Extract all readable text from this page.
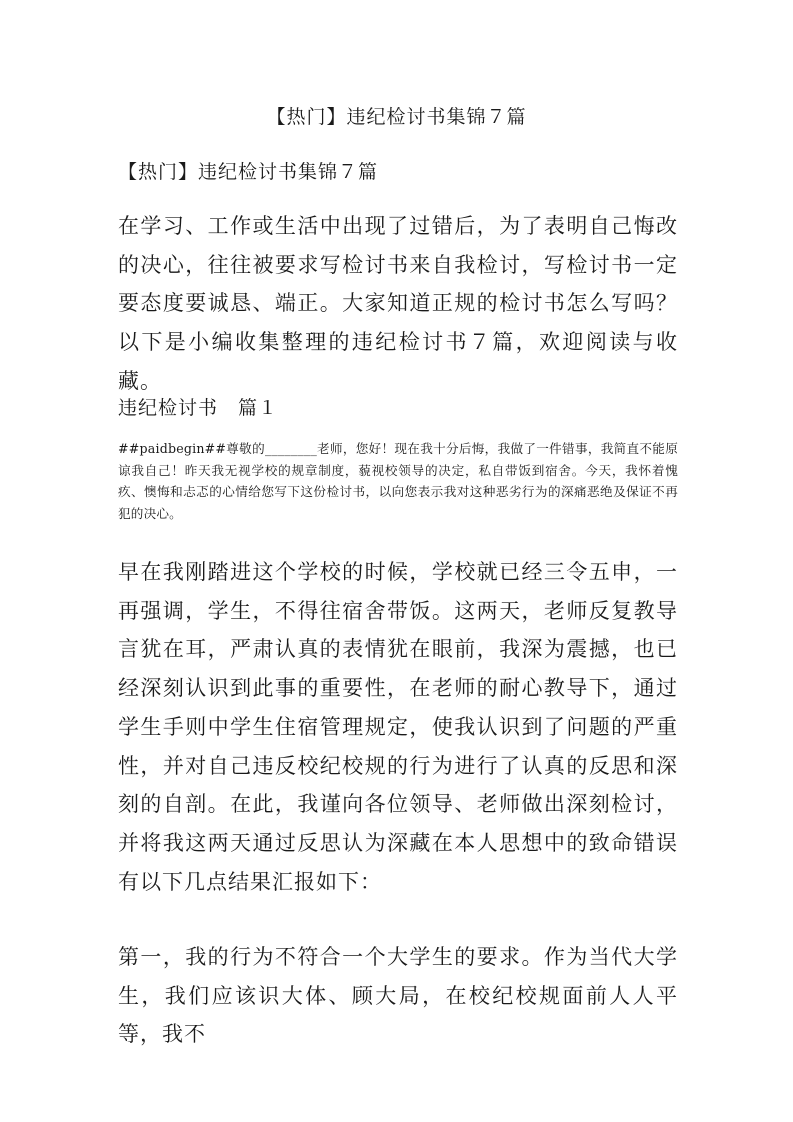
【热门】违纪检讨书集锦７篇
【热门】违纪检讨书集锦７篇
在学习、工作或生活中出现了过错后，为了表明自己悔改的决心，往往被要求写检讨书来自我检讨，写检讨书一定要态度要诚恳、端正。大家知道正规的检讨书怎么写吗？以下是小编收集整理的违纪检讨书７篇，欢迎阅读与收藏。
违纪检讨书　篇１
##paidbegin##尊敬的________老师，您好！现在我十分后悔，我做了一件错事，我简直不能原谅我自己！昨天我无视学校的规章制度，藐视校领导的决定，私自带饭到宿舍。今天，我怀着愧疚、懊悔和忐忑的心情给您写下这份检讨书，以向您表示我对这种恶劣行为的深痛恶绝及保证不再犯的决心。
早在我刚踏进这个学校的时候，学校就已经三令五申，一再强调，学生，不得往宿舍带饭。这两天，老师反复教导言犹在耳，严肃认真的表情犹在眼前，我深为震撼，也已经深刻认识到此事的重要性，在老师的耐心教导下，通过学生手则中学生住宿管理规定，使我认识到了问题的严重性，并对自己违反校纪校规的行为进行了认真的反思和深刻的自剖。在此，我谨向各位领导、老师做出深刻检讨，并将我这两天通过反思认为深藏在本人思想中的致命错误有以下几点结果汇报如下：
第一，我的行为不符合一个大学生的要求。作为当代大学生，我们应该识大体、顾大局，在校纪校规面前人人平等，我不
